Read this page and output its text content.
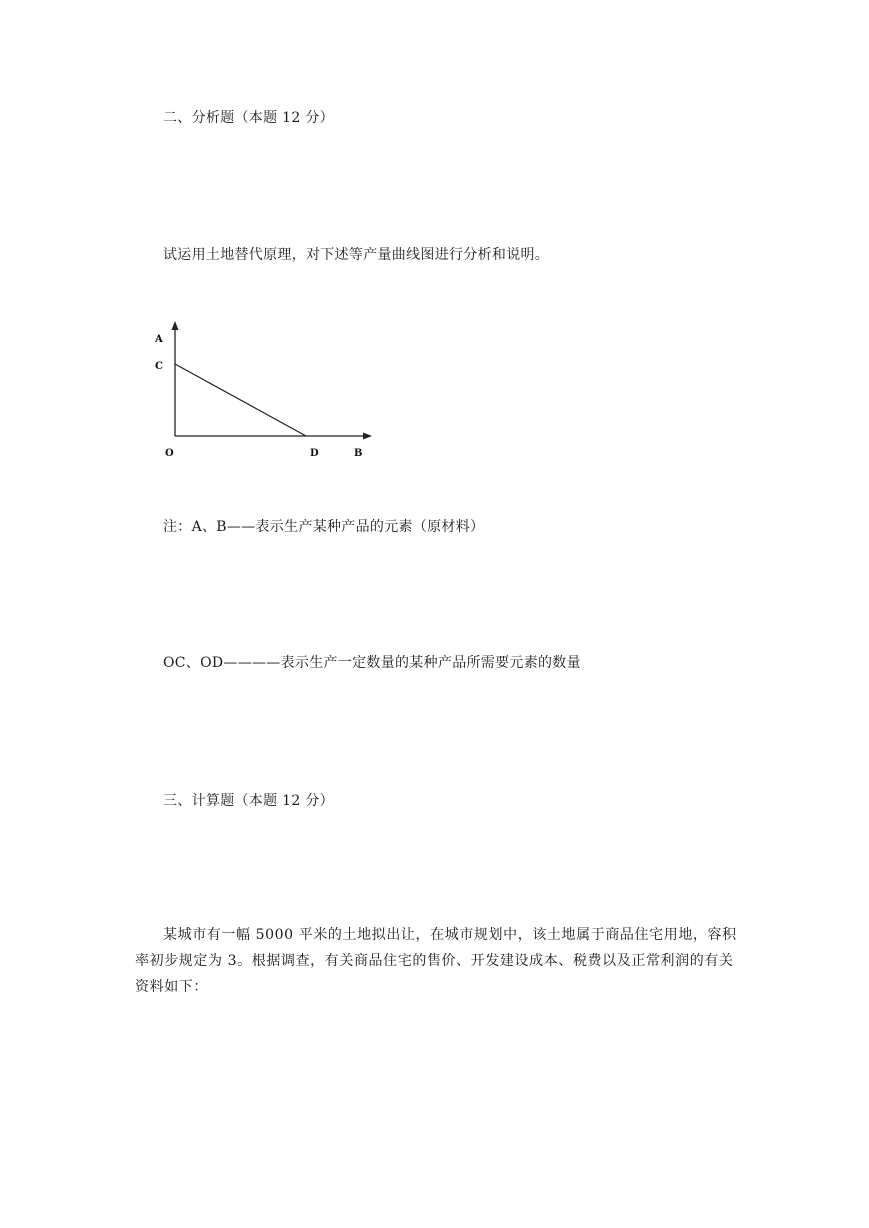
二、分析题（本题 12 分）
试运用土地替代原理，对下述等产量曲线图进行分析和说明。
A
C
O	D	B
注：A、B——表示生产某种产品的元素（原材料）
OC、OD————表示生产一定数量的某种产品所需要元素的数量
三、计算题（本题 12 分）
某城市有一幅 5000 平米的土地拟出让，在城市规划中，该土地属于商品住宅用地，容积率初步规定为 3。根据调查，有关商品住宅的售价、开发建设成本、税费以及正常利润的有关资料如下：
